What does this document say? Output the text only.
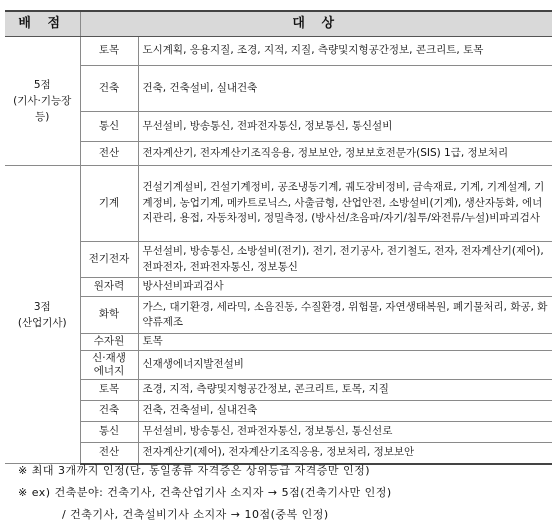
배 점	대 상	

5점
(기사·기능장
등)	토목	도시계획, 응용지질, 조경, 지적, 지질, 측량및지형공간정보, 콘크리트, 토목
	건축	건축, 건축설비, 실내건축
	통신	무선설비, 방송통신, 전파전자통신, 정보통신, 통신설비
	전산	전자계산기, 전자계산기조직응용, 정보보안, 정보보호전문가(SIS) 1급, 정보처리

3점
(산업기사)	기계	건설기계설비, 건설기계정비, 공조냉동기계, 궤도장비정비, 금속재료, 기계, 기계설계, 기계정비, 농업기계, 메카트로닉스, 사출금형, 산업안전, 소방설비(기계), 생산자동화, 에너지관리, 용접, 자동차정비, 정밀측정, (방사선/초음파/자기/침투/와전류/누설)비파괴검사
	전기전자	무선설비, 방송통신, 소방설비(전기), 전기, 전기공사, 전기철도, 전자, 전자계산기(제어), 전파전자, 전파전자통신, 정보통신
	원자력	방사선비파괴검사
	화학	가스, 대기환경, 세라믹, 소음진동, 수질환경, 위험물, 자연생태복원, 폐기물처리, 화공, 화약류제조
	수자원	토목

	신·재생
에너지	신재생에너지발전설비
	토목	조경, 지적, 측량및지형공간정보, 콘크리트, 토목, 지질
	건축	건축, 건축설비, 실내건축
	통신	무선설비, 방송통신, 전파전자통신, 정보통신, 통신선로
	전산	전자계산기(제어), 전자계산기조직응용, 정보처리, 정보보안
※ 최대 3개까지 인정(단, 동일종류 자격증은 상위등급 자격증만 인정)
※ ex) 건축분야: 건축기사, 건축산업기사 소지자 → 5점(건축기사만 인정)
/ 건축기사, 건축설비기사 소지자 → 10점(중복 인정)
